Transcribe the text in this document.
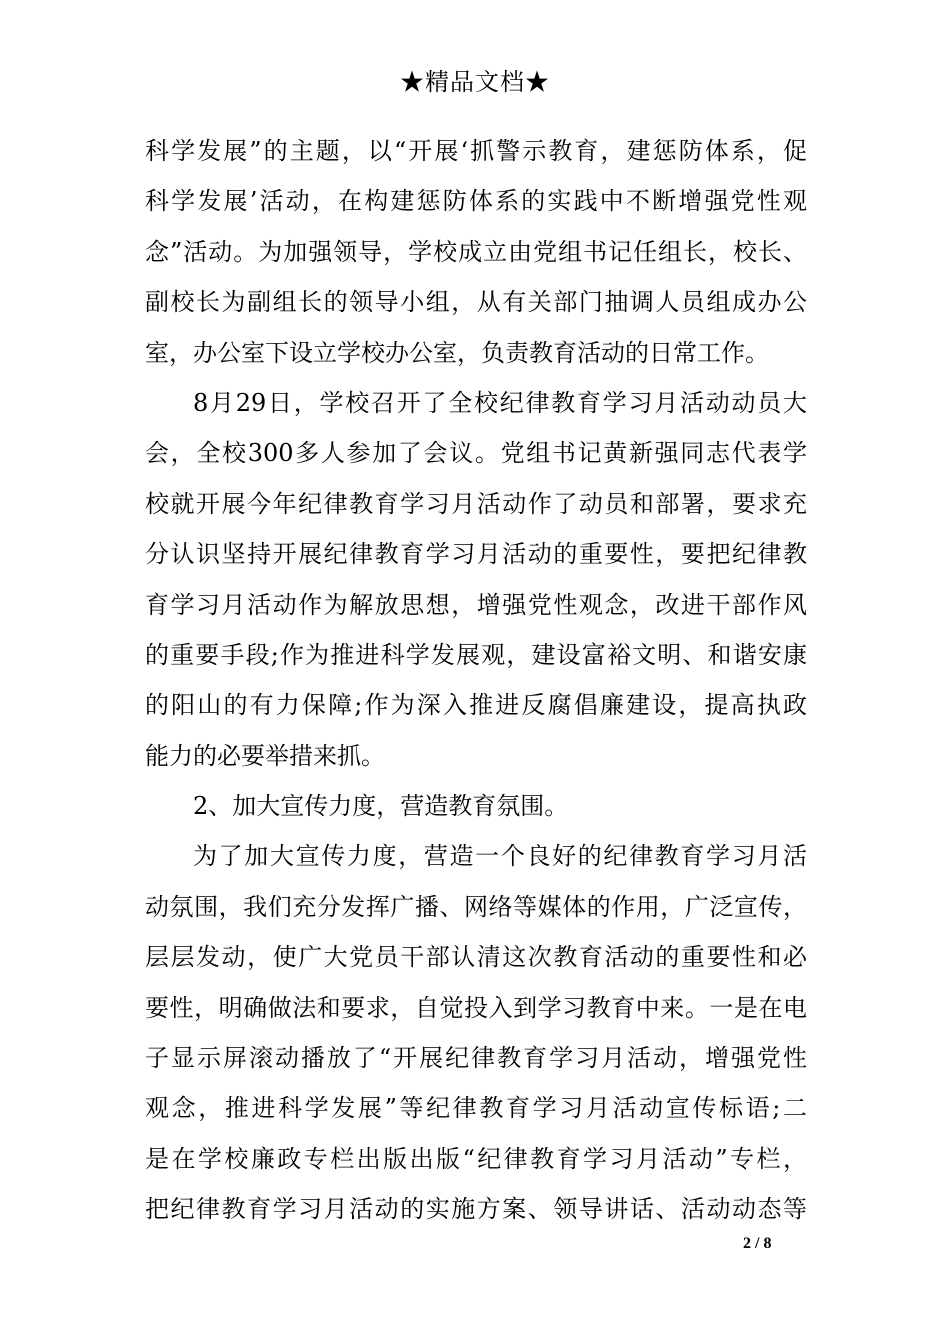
★精品文档★
科学发展”的主题，以“开展‘抓警示教育，建惩防体系，促
科学发展’活动，在构建惩防体系的实践中不断增强党性观
念”活动。为加强领导，学校成立由党组书记任组长，校长、
副校长为副组长的领导小组，从有关部门抽调人员组成办公
室，办公室下设立学校办公室，负责教育活动的日常工作。
8月29日，学校召开了全校纪律教育学习月活动动员大
会，全校300多人参加了会议。党组书记黄新强同志代表学
校就开展今年纪律教育学习月活动作了动员和部署，要求充
分认识坚持开展纪律教育学习月活动的重要性，要把纪律教
育学习月活动作为解放思想，增强党性观念，改进干部作风
的重要手段;作为推进科学发展观，建设富裕文明、和谐安康
的阳山的有力保障;作为深入推进反腐倡廉建设，提高执政
能力的必要举措来抓。
2、加大宣传力度，营造教育氛围。
为了加大宣传力度，营造一个良好的纪律教育学习月活
动氛围，我们充分发挥广播、网络等媒体的作用，广泛宣传，
层层发动，使广大党员干部认清这次教育活动的重要性和必
要性，明确做法和要求，自觉投入到学习教育中来。一是在电
子显示屏滚动播放了“开展纪律教育学习月活动，增强党性
观念，推进科学发展”等纪律教育学习月活动宣传标语;二
是在学校廉政专栏出版出版“纪律教育学习月活动”专栏，
把纪律教育学习月活动的实施方案、领导讲话、活动动态等
2 / 8
